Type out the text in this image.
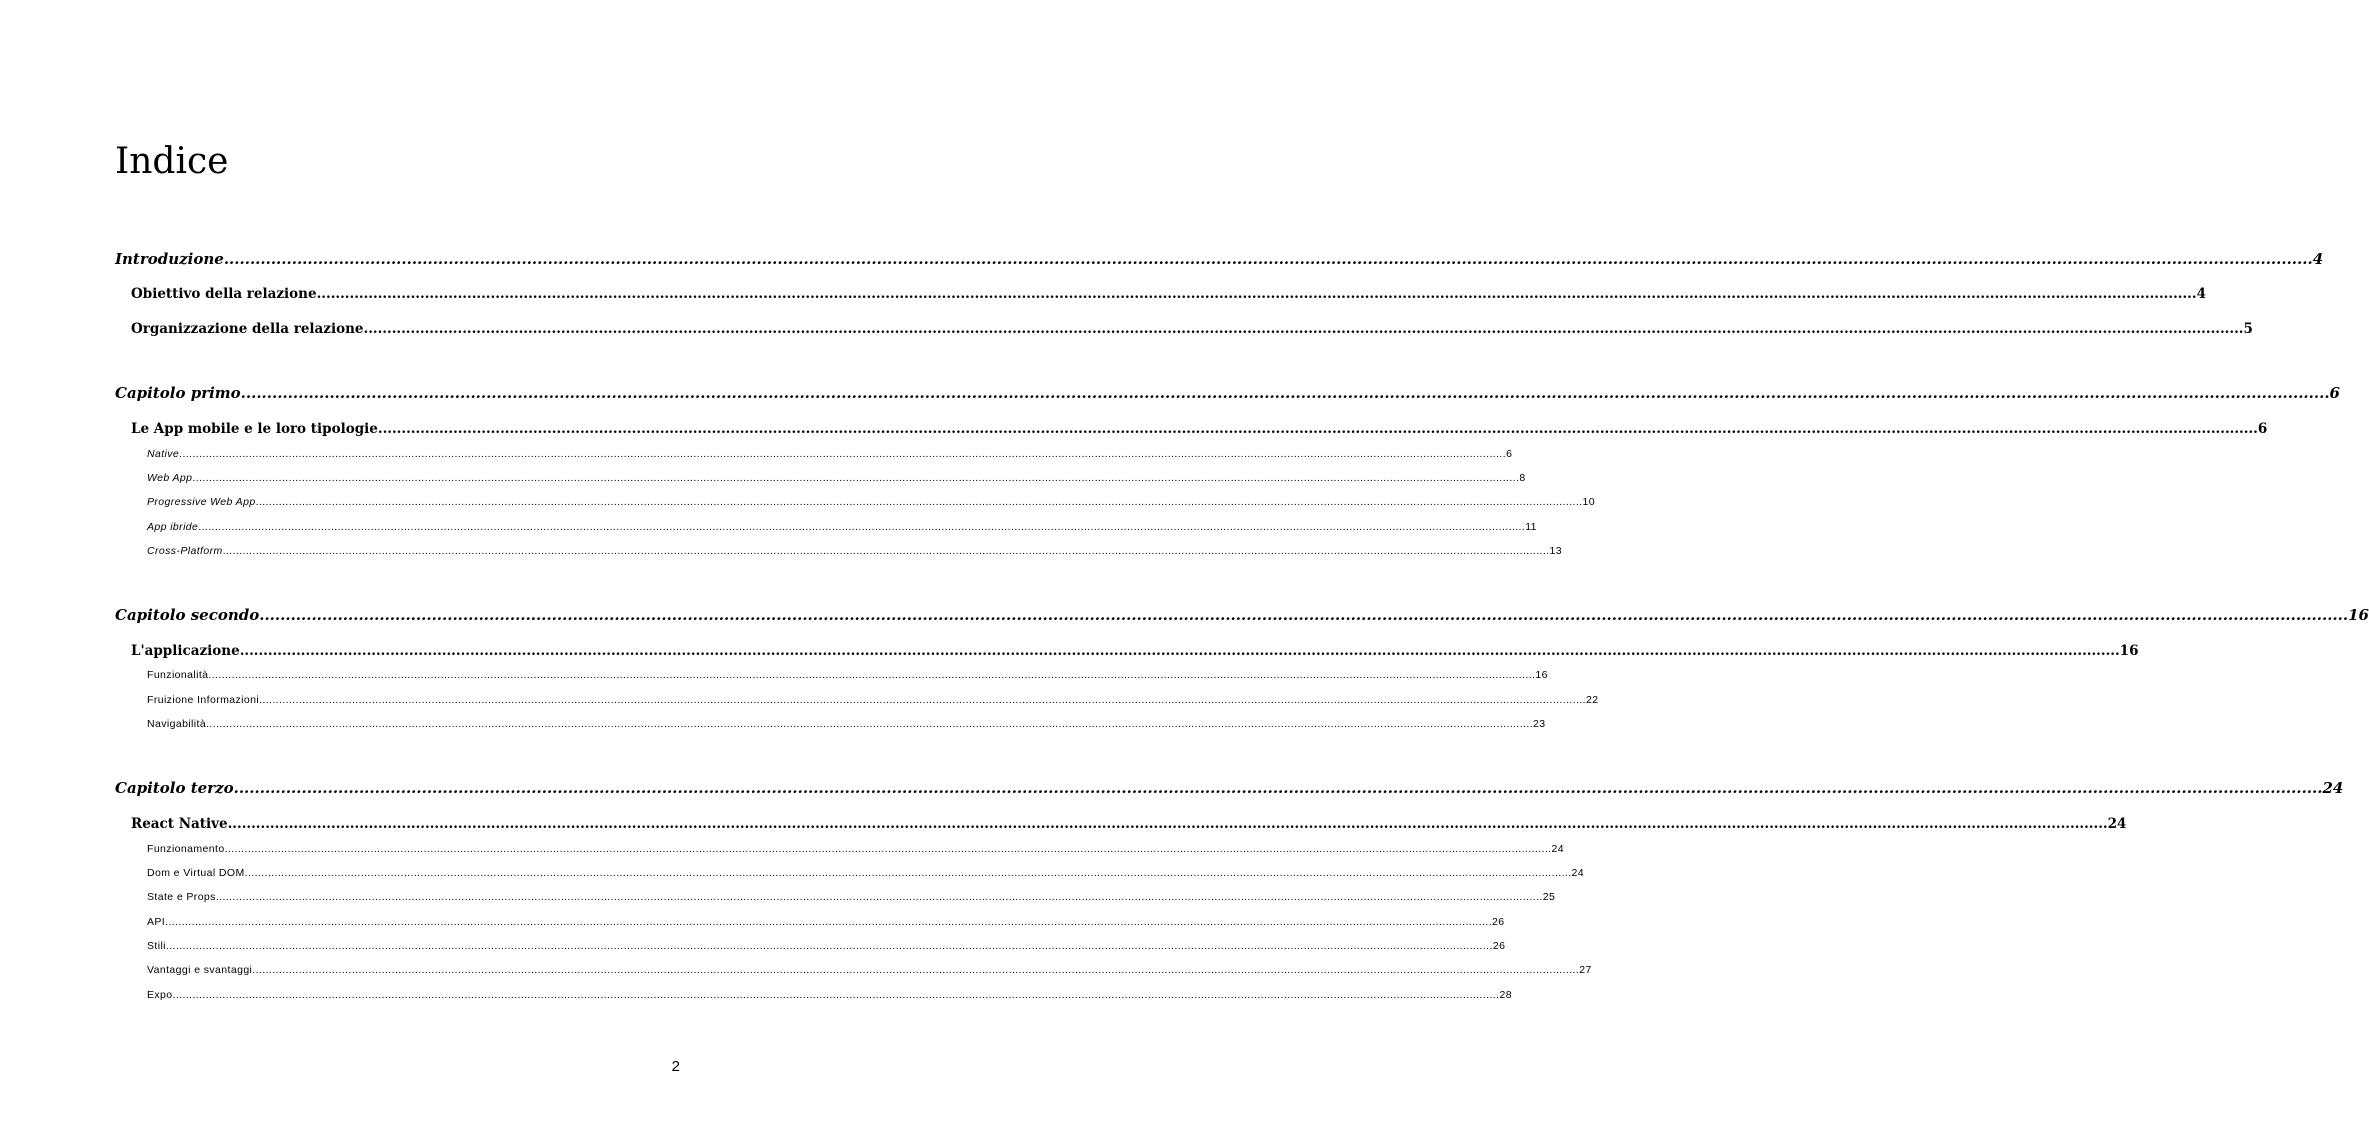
Indice
Introduzione ................................................................................................................................................................................................................................................................................................................................................................................................................ 4
Obiettivo della relazione ................................................................................................................................................................................................................................................................................................................................................................................................................ 4
Organizzazione della relazione ................................................................................................................................................................................................................................................................................................................................................................................................................ 5
Capitolo primo ................................................................................................................................................................................................................................................................................................................................................................................................................ 6
Le App mobile e le loro tipologie ................................................................................................................................................................................................................................................................................................................................................................................................................ 6
Native ................................................................................................................................................................................................................................................................................................................................................................................................................ 6
Web App ................................................................................................................................................................................................................................................................................................................................................................................................................ 8
Progressive Web App ................................................................................................................................................................................................................................................................................................................................................................................................................ 10
App ibride ................................................................................................................................................................................................................................................................................................................................................................................................................ 11
Cross-Platform ................................................................................................................................................................................................................................................................................................................................................................................................................ 13
Capitolo secondo ................................................................................................................................................................................................................................................................................................................................................................................................................ 16
L'applicazione ................................................................................................................................................................................................................................................................................................................................................................................................................ 16
Funzionalità ................................................................................................................................................................................................................................................................................................................................................................................................................ 16
Fruizione Informazioni ................................................................................................................................................................................................................................................................................................................................................................................................................ 22
Navigabilità ................................................................................................................................................................................................................................................................................................................................................................................................................ 23
Capitolo terzo ................................................................................................................................................................................................................................................................................................................................................................................................................ 24
React Native ................................................................................................................................................................................................................................................................................................................................................................................................................ 24
Funzionamento ................................................................................................................................................................................................................................................................................................................................................................................................................ 24
Dom e Virtual DOM ................................................................................................................................................................................................................................................................................................................................................................................................................ 24
State e Props ................................................................................................................................................................................................................................................................................................................................................................................................................ 25
API ................................................................................................................................................................................................................................................................................................................................................................................................................ 26
Stili ................................................................................................................................................................................................................................................................................................................................................................................................................ 26
Vantaggi e svantaggi ................................................................................................................................................................................................................................................................................................................................................................................................................ 27
Expo ................................................................................................................................................................................................................................................................................................................................................................................................................ 28
2
